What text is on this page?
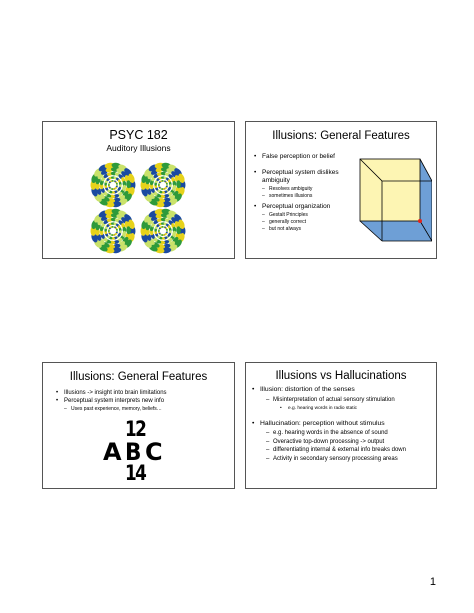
PSYC 182
Auditory Illusions
Illusions: General Features
• False perception or belief
• Perceptual system dislikes ambiguity
– Resolves ambiguity
– sometimes illusions
• Perceptual organization
– Gestalt Principles
– generally correct
– but not always
Illusions: General Features
• Illusions -> insight into brain limitations
• Perceptual system interprets new info
– Uses past experience, memory, beliefs…
12
A B C
14
Illusions vs Hallucinations
• Illusion: distortion of the senses
– Misinterpretation of actual sensory stimulation
• e.g. hearing words in radio static
• Hallucination: perception without stimulus
– e.g. hearing words in the absence of sound
– Overactive top-down processing -> output
– differentiating internal & external info breaks down
– Activity in secondary sensory processing areas
1
